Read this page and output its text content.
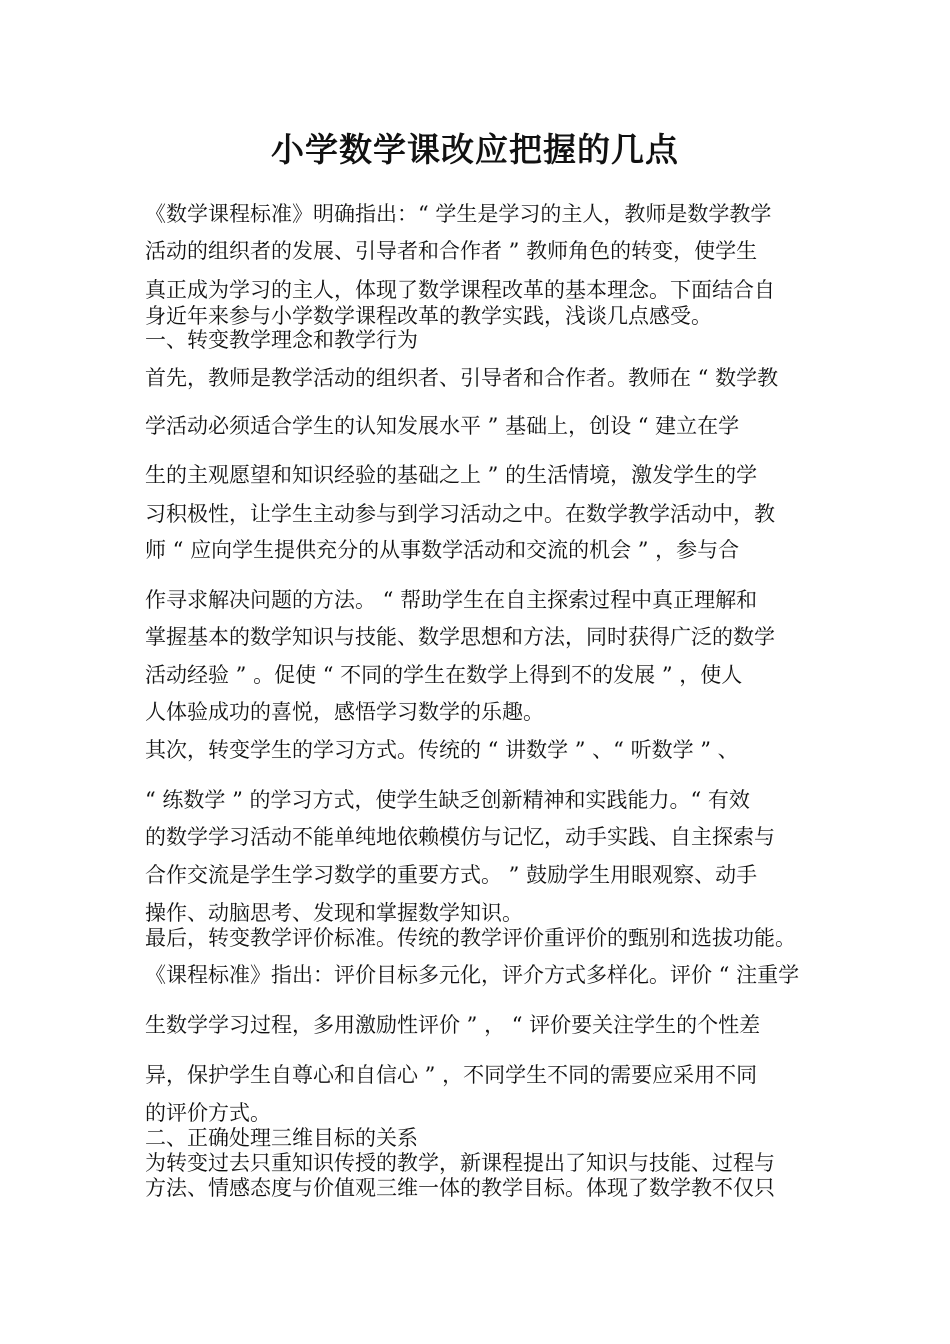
小学数学课改应把握的几点
《数学课程标准》明确指出：“ 学生是学习的主人，教师是数学教学
活动的组织者的发展、引导者和合作者 ” 教师角色的转变，使学生
真正成为学习的主人，体现了数学课程改革的基本理念。下面结合自
身近年来参与小学数学课程改革的教学实践，浅谈几点感受。
一、转变教学理念和教学行为
首先，教师是教学活动的组织者、引导者和合作者。教师在 “ 数学教
学活动必须适合学生的认知发展水平 ” 基础上，创设 “ 建立在学
生的主观愿望和知识经验的基础之上 ” 的生活情境，激发学生的学
习积极性，让学生主动参与到学习活动之中。在数学教学活动中，教
师 “ 应向学生提供充分的从事数学活动和交流的机会 ” ，参与合
作寻求解决问题的方法。 “ 帮助学生在自主探索过程中真正理解和
掌握基本的数学知识与技能、数学思想和方法，同时获得广泛的数学
活动经验 ” 。促使 “ 不同的学生在数学上得到不的发展 ” ，使人
人体验成功的喜悦，感悟学习数学的乐趣。
其次，转变学生的学习方式。传统的 “ 讲数学 ” 、“ 听数学 ” 、
“ 练数学 ” 的学习方式，使学生缺乏创新精神和实践能力。“ 有效
的数学学习活动不能单纯地依赖模仿与记忆，动手实践、自主探索与
合作交流是学生学习数学的重要方式。 ” 鼓励学生用眼观察、动手
操作、动脑思考、发现和掌握数学知识。
最后，转变教学评价标准。传统的教学评价重评价的甄别和选拔功能。
《课程标准》指出：评价目标多元化，评介方式多样化。评价 “ 注重学
生数学学习过程，多用激励性评价 ” ， “ 评价要关注学生的个性差
异，保护学生自尊心和自信心 ” ，不同学生不同的需要应采用不同
的评价方式。
二、正确处理三维目标的关系
为转变过去只重知识传授的教学，新课程提出了知识与技能、过程与
方法、情感态度与价值观三维一体的教学目标。体现了数学教不仅只
